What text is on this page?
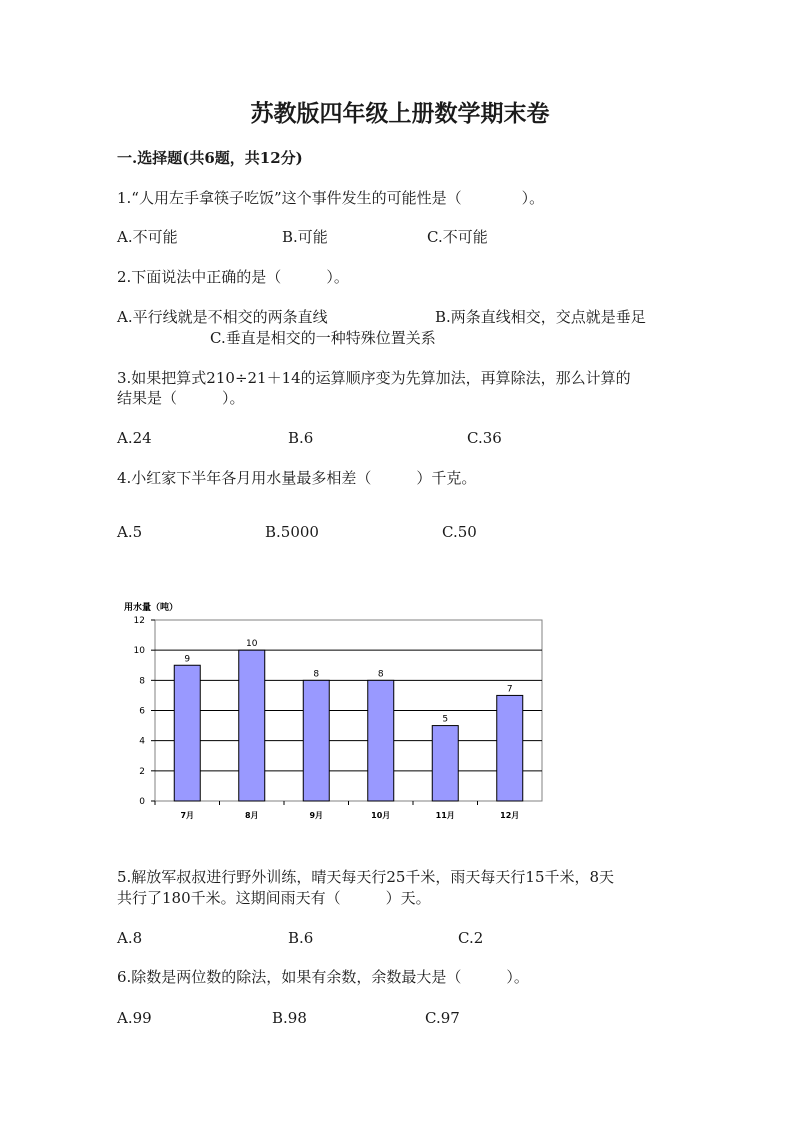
苏教版四年级上册数学期末卷
一.选择题(共6题，共12分)
1.“人用左手拿筷子吃饭”这个事件发生的可能性是（　　　　）。
A.不可能	B.可能	C.不可能
2.下面说法中正确的是（　　　）。
A.平行线就是不相交的两条直线	B.两条直线相交，交点就是垂足
C.垂直是相交的一种特殊位置关系
3.如果把算式210÷21＋14的运算顺序变为先算加法，再算除法，那么计算的
结果是（　　　）。
A.24	B.6	C.36
4.小红家下半年各月用水量最多相差（　　　）千克。
A.5	B.5000	C.50
0
2
4
6
8
10
12
9
7月
10
8月
8
9月
8
10月
5
11月
7
12月
用水量（吨）
5.解放军叔叔进行野外训练，晴天每天行25千米，雨天每天行15千米，8天
共行了180千米。这期间雨天有（　　　）天。
A.8	B.6	C.2
6.除数是两位数的除法，如果有余数，余数最大是（　　　）。
A.99	B.98	C.97
